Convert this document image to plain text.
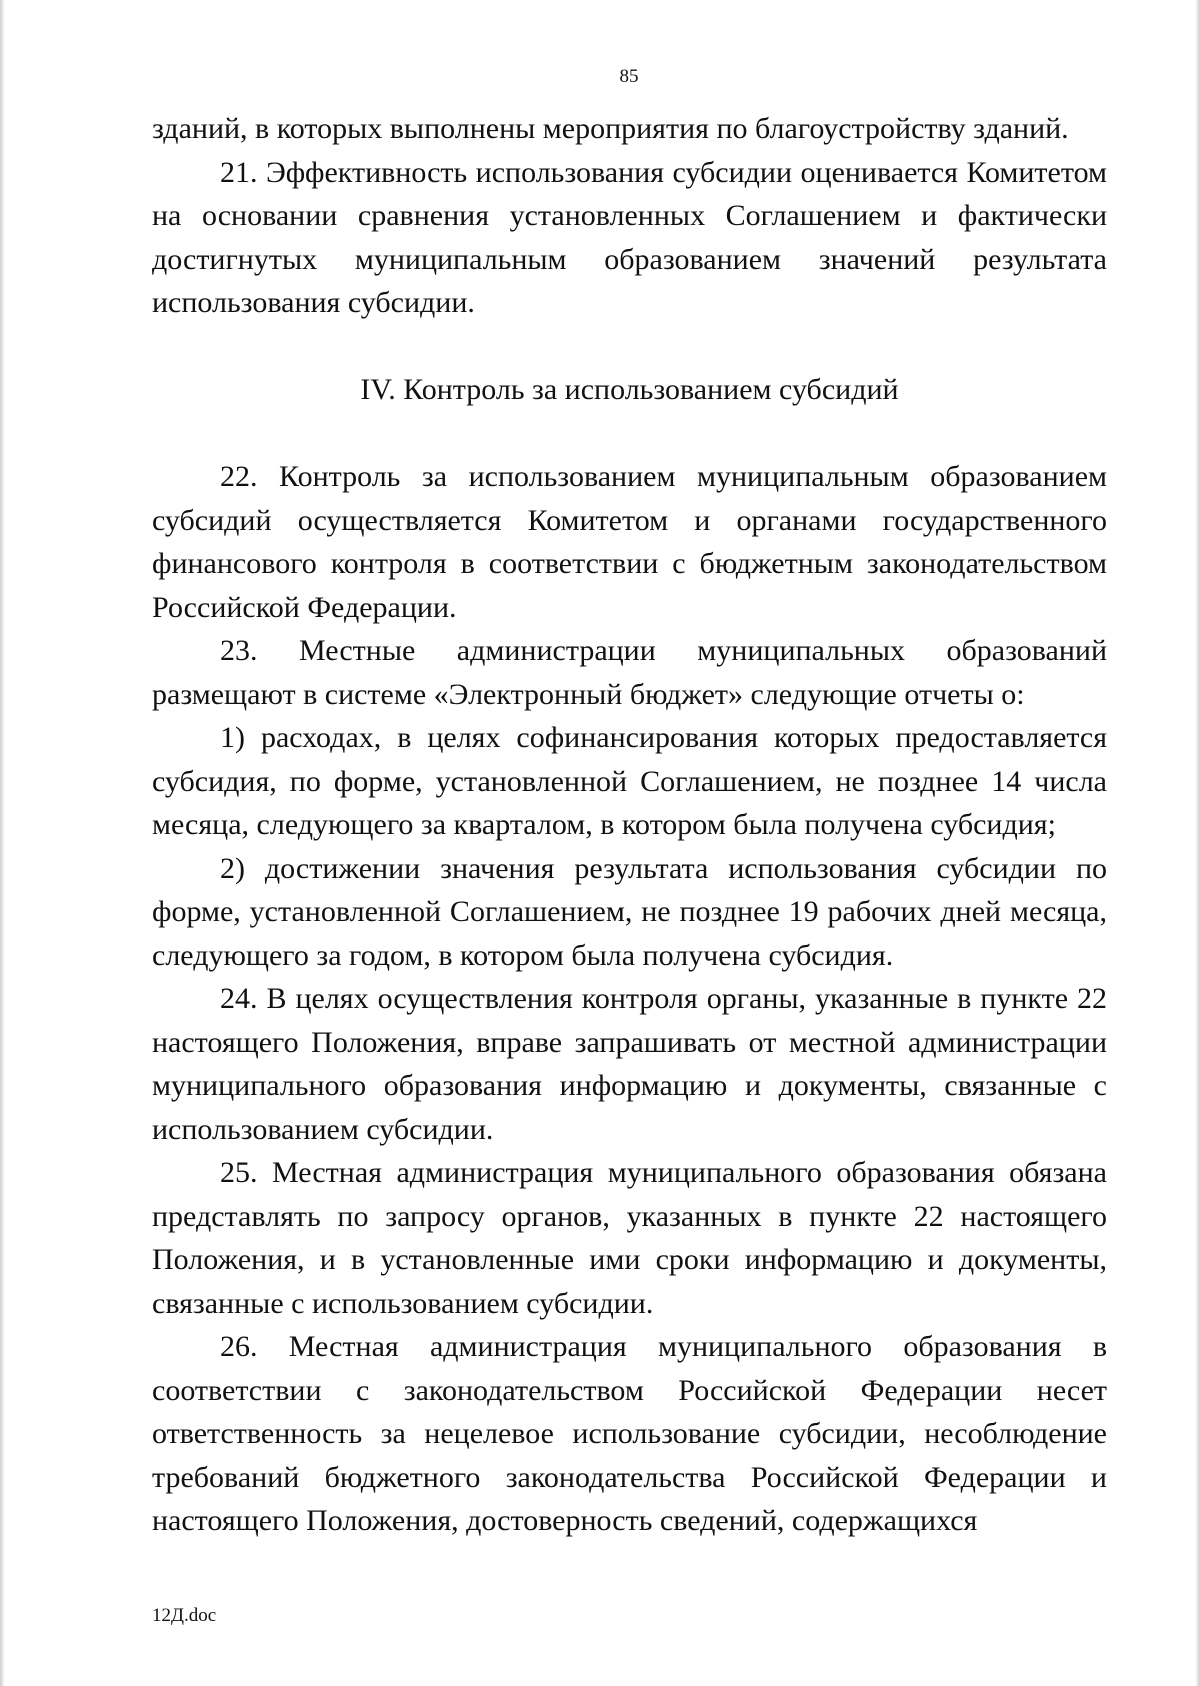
85

зданий, в которых выполнены мероприятия по благоустройству зданий.

21. Эффективность использования субсидии оценивается Комитетом на основании сравнения установленных Соглашением и фактически достигнутых муниципальным образованием значений результата использования субсидии.

IV. Контроль за использованием субсидий

22. Контроль за использованием муниципальным образованием субсидий осуществляется Комитетом и органами государственного финансового контроля в соответствии с бюджетным законодательством Российской Федерации.

23. Местные администрации муниципальных образований размещают в системе «Электронный бюджет» следующие отчеты о:

1) расходах, в целях софинансирования которых предоставляется субсидия, по форме, установленной Соглашением, не позднее 14 числа месяца, следующего за кварталом, в котором была получена субсидия;

2) достижении значения результата использования субсидии по форме, установленной Соглашением, не позднее 19 рабочих дней месяца, следующего за годом, в котором была получена субсидия.

24. В целях осуществления контроля органы, указанные в пункте 22 настоящего Положения, вправе запрашивать от местной администрации муниципального образования информацию и документы, связанные с использованием субсидии.

25. Местная администрация муниципального образования обязана представлять по запросу органов, указанных в пункте 22 настоящего Положения, и в установленные ими сроки информацию и документы, связанные с использованием субсидии.

26. Местная администрация муниципального образования в соответствии с законодательством Российской Федерации несет ответственность за нецелевое использование субсидии, несоблюдение требований бюджетного законодательства Российской Федерации и настоящего Положения, достоверность сведений, содержащихся

12Д.doc
